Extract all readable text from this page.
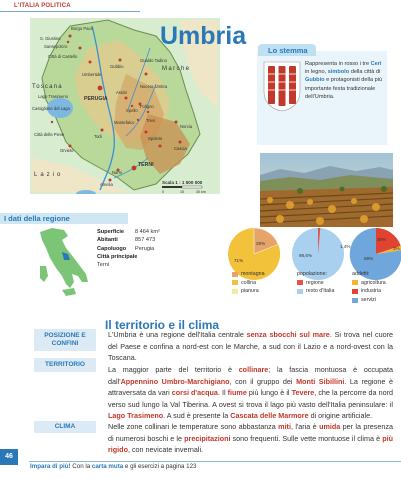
L'ITALIA POLITICA
Borgo Pace
S. Giustino
Sansepolcro
Città di Castello
Umbertide
Gualdo Tadino
Gubbio	Marche
Nocera Umbra
Toscana
Lago Trasimeno	PERUGIA
Assisi
Foligno
Spello
Castiglione del Lago
Città della Pieve	Todi
Montefalco	Trevi
Spoleto
Orvieto
Norcia
Cascia
Narni
TERNI
Lazio
Amelia	Scala 1 : 1 500 000
0	15	30 km
Umbria
Lo stemma
Rappresenta in rosso i tre Ceri in legno, simbolo della città di Gubbio e protagonisti della più importante festa tradizionale dell'Umbria.
I dati della regione
Superficie 8 464 km²
Abitanti	857 473
Capoluogo Perugia
Città principale
Terni
29%
71%
1,4%
98,6%
30%
3%
69%
montagna
collina
pianura
popolazione:
regione
resto d'Italia
addetti:
agricoltura
industria
servizi
Il territorio e il clima
POSIZIONE E CONFINI
TERRITORIO
CLIMA
L'Umbria è una regione dell'Italia centrale senza sbocchi sul mare. Si trova nel cuore del Paese e confina a nord-est con le Marche, a sud con il Lazio e a nord-ovest con la Toscana.
La maggior parte del territorio è collinare; la fascia montuosa è occupata dall'Appennino Umbro-Marchigiano, con il gruppo dei Monti Sibillini. La regione è attraversata da vari corsi d'acqua. Il fiume più lungo è il Tevere, che la percorre da nord verso sud lungo la Val Tiberina. A ovest si trova il lago più vasto dell'Italia peninsulare: il Lago Trasimeno. A sud è presente la Cascata delle Marmore di origine artificiale.
Nelle zone collinari le temperature sono abbastanza miti, l'aria è umida per la presenza di numerosi boschi e le precipitazioni sono frequenti. Sulle vette montuose il clima è più rigido, con nevicate invernali.
46
Impara di più! Con la carta muta e gli esercizi a pagina 123
